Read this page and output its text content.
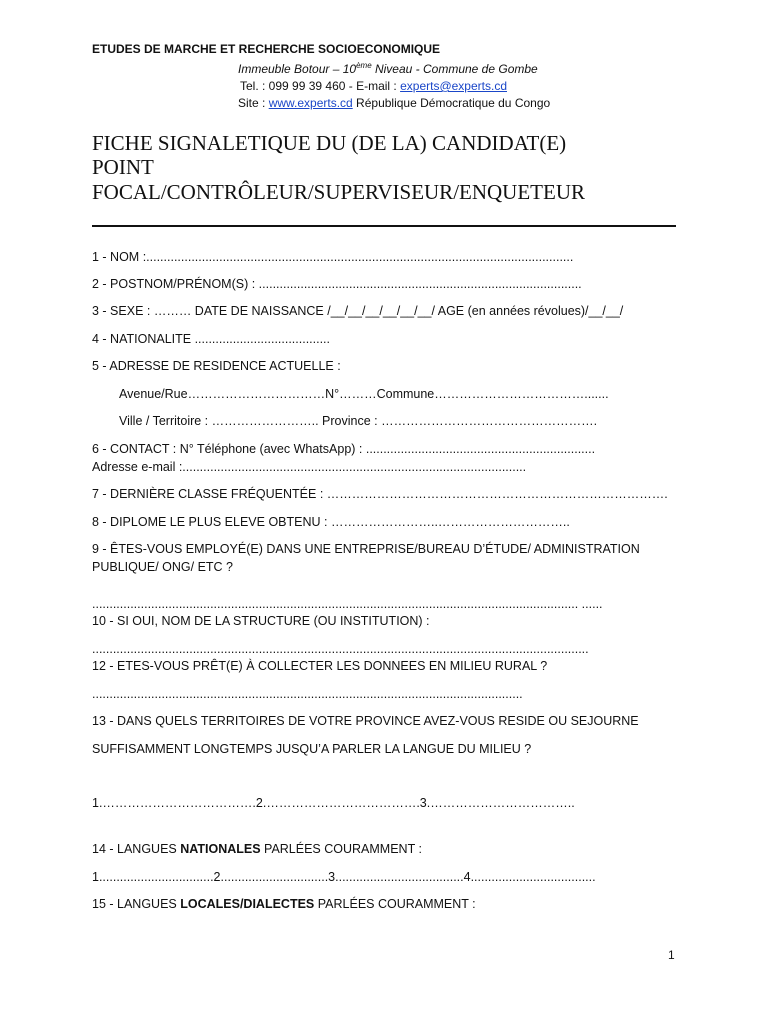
ETUDES DE MARCHE ET RECHERCHE SOCIOECONOMIQUE
Immeuble Botour – 10ème Niveau - Commune de Gombe
Tel. : 099 99 39 460 - E-mail : experts@experts.cd
Site : www.experts.cd République Démocratique du Congo
FICHE SIGNALETIQUE DU (DE LA) CANDIDAT(E)
POINT
FOCAL/CONTRÔLEUR/SUPERVISEUR/ENQUETEUR
1 - NOM :...........................................................................................................................
2 - POSTNOM/PRÉNOM(S) : .............................................................................................
3 - SEXE : ……… DATE DE NAISSANCE /__/__/__/__/__/__/ AGE (en années révolues)/__/__/
4 - NATIONALITE .......................................
5 - ADRESSE DE RESIDENCE ACTUELLE :
Avenue/Rue……………………………N°………Commune……………………………….......
Ville / Territoire : …………………….. Province : …………………………………………….
6 - CONTACT : N° Téléphone (avec WhatsApp) : ..................................................................
Adresse e-mail :...................................................................................................
7 - DERNIÈRE CLASSE FRÉQUENTÉE : ……………………………………………………………………….
8 - DIPLOME LE PLUS ELEVE OBTENU : ……………………..…………………………..
9 - ÊTES-VOUS EMPLOYÉ(E) DANS UNE ENTREPRISE/BUREAU D’ÉTUDE/ ADMINISTRATION
PUBLIQUE/ ONG/ ETC ?
............................................................................................................................................ ......
10 - SI OUI, NOM DE LA STRUCTURE (OU INSTITUTION) :
...............................................................................................................................................
12 - ETES-VOUS PRÊT(E) À COLLECTER LES DONNEES EN MILIEU RURAL ?
............................................................................................................................
13 - DANS QUELS TERRITOIRES DE VOTRE PROVINCE AVEZ-VOUS RESIDE OU SEJOURNE
SUFFISAMMENT LONGTEMPS JUSQU’A PARLER LA LANGUE DU MILIEU ?
1.……………………………….2.……………………………….3.……………………………..
14 - LANGUES NATIONALES PARLÉES COURAMMENT :
1.................................2...............................3.....................................4....................................
15 - LANGUES LOCALES/DIALECTES PARLÉES COURAMMENT :
1
